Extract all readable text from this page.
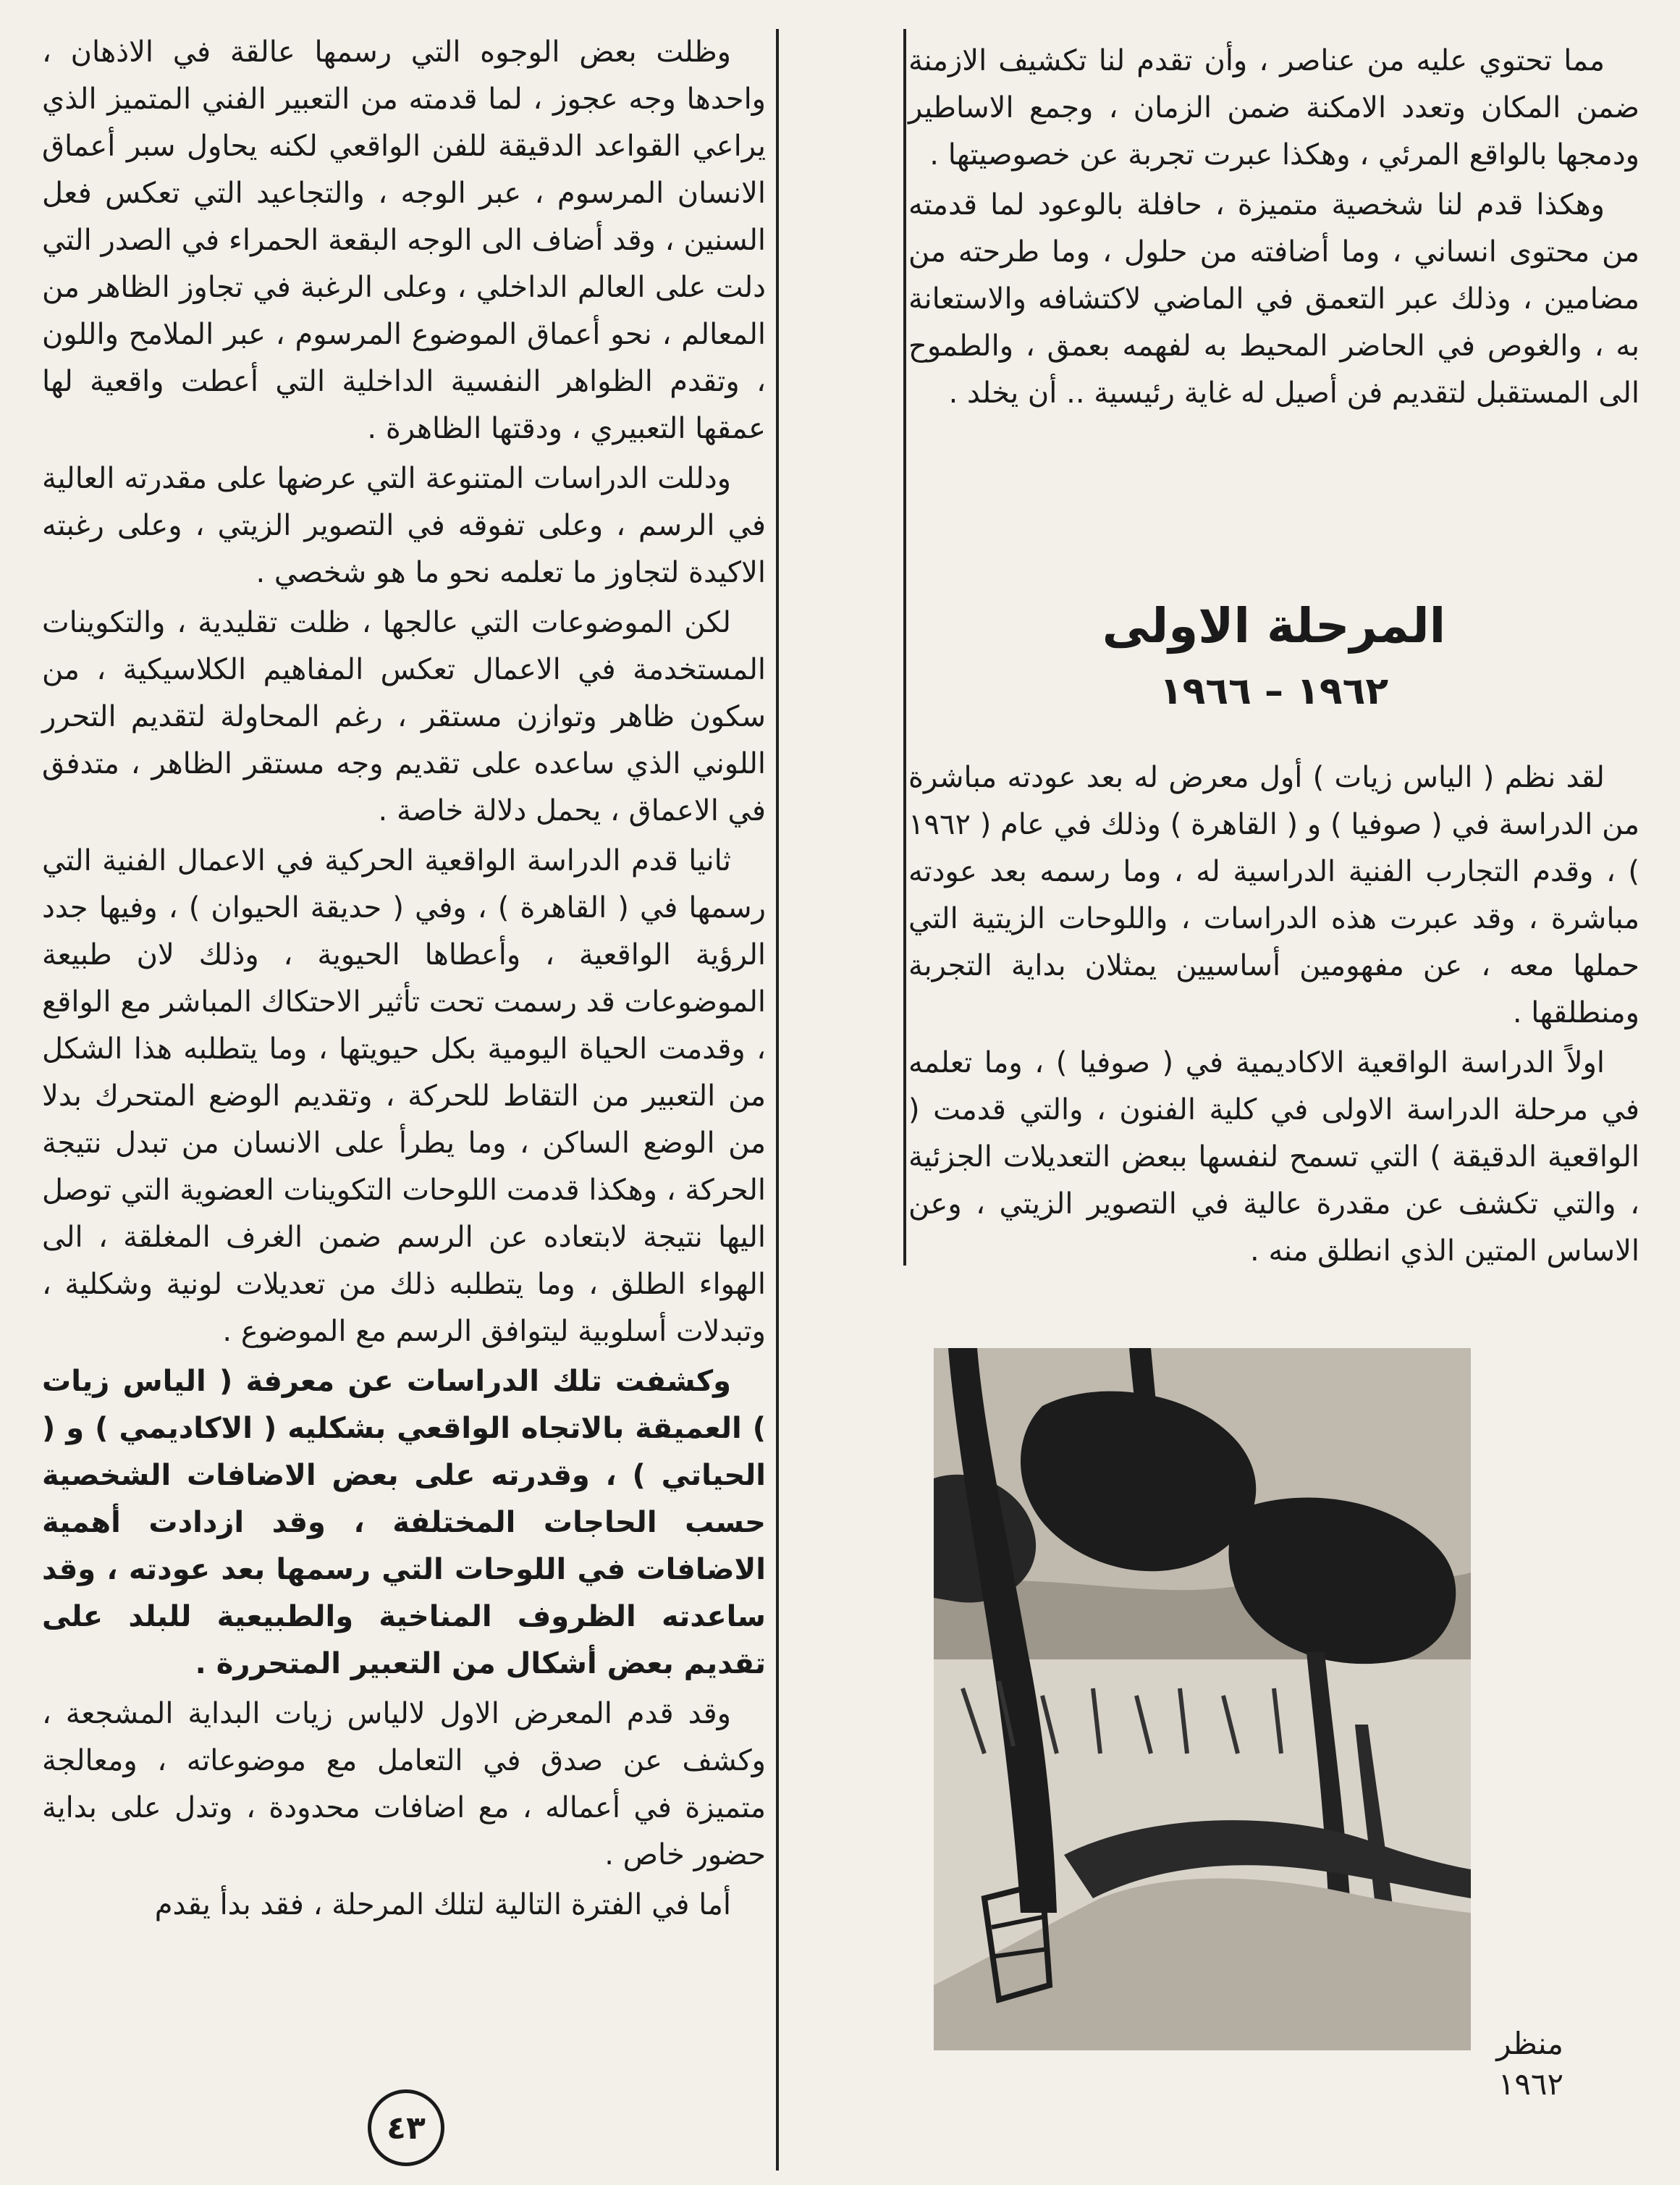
مما تحتوي عليه من عناصر ، وأن تقدم لنا تكشيف الازمنة ضمن المكان وتعدد الامكنة ضمن الزمان ، وجمع الاساطير ودمجها بالواقع المرئي ، وهكذا عبرت تجربة عن خصوصيتها .

وهكذا قدم لنا شخصية متميزة ، حافلة بالوعود لما قدمته من محتوى انساني ، وما أضافته من حلول ، وما طرحته من مضامين ، وذلك عبر التعمق في الماضي لاكتشافه والاستعانة به ، والغوص في الحاضر المحيط به لفهمه بعمق ، والطموح الى المستقبل لتقديم فن أصيل له غاية رئيسية .. أن يخلد .

المرحلة الاولى
١٩٦٢ – ١٩٦٦

لقد نظم ( الياس زيات ) أول معرض له بعد عودته مباشرة من الدراسة في ( صوفيا ) و ( القاهرة ) وذلك في عام ( ١٩٦٢ ) ، وقدم التجارب الفنية الدراسية له ، وما رسمه بعد عودته مباشرة ، وقد عبرت هذه الدراسات ، واللوحات الزيتية التي حملها معه ، عن مفهومين أساسيين يمثلان بداية التجربة ومنطلقها .

اولاً الدراسة الواقعية الاكاديمية في ( صوفيا ) ، وما تعلمه في مرحلة الدراسة الاولى في كلية الفنون ، والتي قدمت ( الواقعية الدقيقة ) التي تسمح لنفسها ببعض التعديلات الجزئية ، والتي تكشف عن مقدرة عالية في التصوير الزيتي ، وعن الاساس المتين الذي انطلق منه .

منظر
١٩٦٢

وظلت بعض الوجوه التي رسمها عالقة في الاذهان ، واحدها وجه عجوز ، لما قدمته من التعبير الفني المتميز الذي يراعي القواعد الدقيقة للفن الواقعي لكنه يحاول سبر أعماق الانسان المرسوم ، عبر الوجه ، والتجاعيد التي تعكس فعل السنين ، وقد أضاف الى الوجه البقعة الحمراء في الصدر التي دلت على العالم الداخلي ، وعلى الرغبة في تجاوز الظاهر من المعالم ، نحو أعماق الموضوع المرسوم ، عبر الملامح واللون ، وتقدم الظواهر النفسية الداخلية التي أعطت واقعية لها عمقها التعبيري ، ودقتها الظاهرة .

ودللت الدراسات المتنوعة التي عرضها على مقدرته العالية في الرسم ، وعلى تفوقه في التصوير الزيتي ، وعلى رغبته الاكيدة لتجاوز ما تعلمه نحو ما هو شخصي .

لكن الموضوعات التي عالجها ، ظلت تقليدية ، والتكوينات المستخدمة في الاعمال تعكس المفاهيم الكلاسيكية ، من سكون ظاهر وتوازن مستقر ، رغم المحاولة لتقديم التحرر اللوني الذي ساعده على تقديم وجه مستقر الظاهر ، متدفق في الاعماق ، يحمل دلالة خاصة .

ثانيا قدم الدراسة الواقعية الحركية في الاعمال الفنية التي رسمها في ( القاهرة ) ، وفي ( حديقة الحيوان ) ، وفيها جدد الرؤية الواقعية ، وأعطاها الحيوية ، وذلك لان طبيعة الموضوعات قد رسمت تحت تأثير الاحتكاك المباشر مع الواقع ، وقدمت الحياة اليومية بكل حيويتها ، وما يتطلبه هذا الشكل من التعبير من التقاط للحركة ، وتقديم الوضع المتحرك بدلا من الوضع الساكن ، وما يطرأ على الانسان من تبدل نتيجة الحركة ، وهكذا قدمت اللوحات التكوينات العضوية التي توصل اليها نتيجة لابتعاده عن الرسم ضمن الغرف المغلقة ، الى الهواء الطلق ، وما يتطلبه ذلك من تعديلات لونية وشكلية ، وتبدلات أسلوبية ليتوافق الرسم مع الموضوع .

وكشفت تلك الدراسات عن معرفة ( الياس زيات ) العميقة بالاتجاه الواقعي بشكليه ( الاكاديمي ) و ( الحياتي ) ، وقدرته على بعض الاضافات الشخصية حسب الحاجات المختلفة ، وقد ازدادت أهمية الاضافات في اللوحات التي رسمها بعد عودته ، وقد ساعدته الظروف المناخية والطبيعية للبلد على تقديم بعض أشكال من التعبير المتحررة .

وقد قدم المعرض الاول لالياس زيات البداية المشجعة ، وكشف عن صدق في التعامل مع موضوعاته ، ومعالجة متميزة في أعماله ، مع اضافات محدودة ، وتدل على بداية حضور خاص .

أما في الفترة التالية لتلك المرحلة ، فقد بدأ يقدم

٤٣
